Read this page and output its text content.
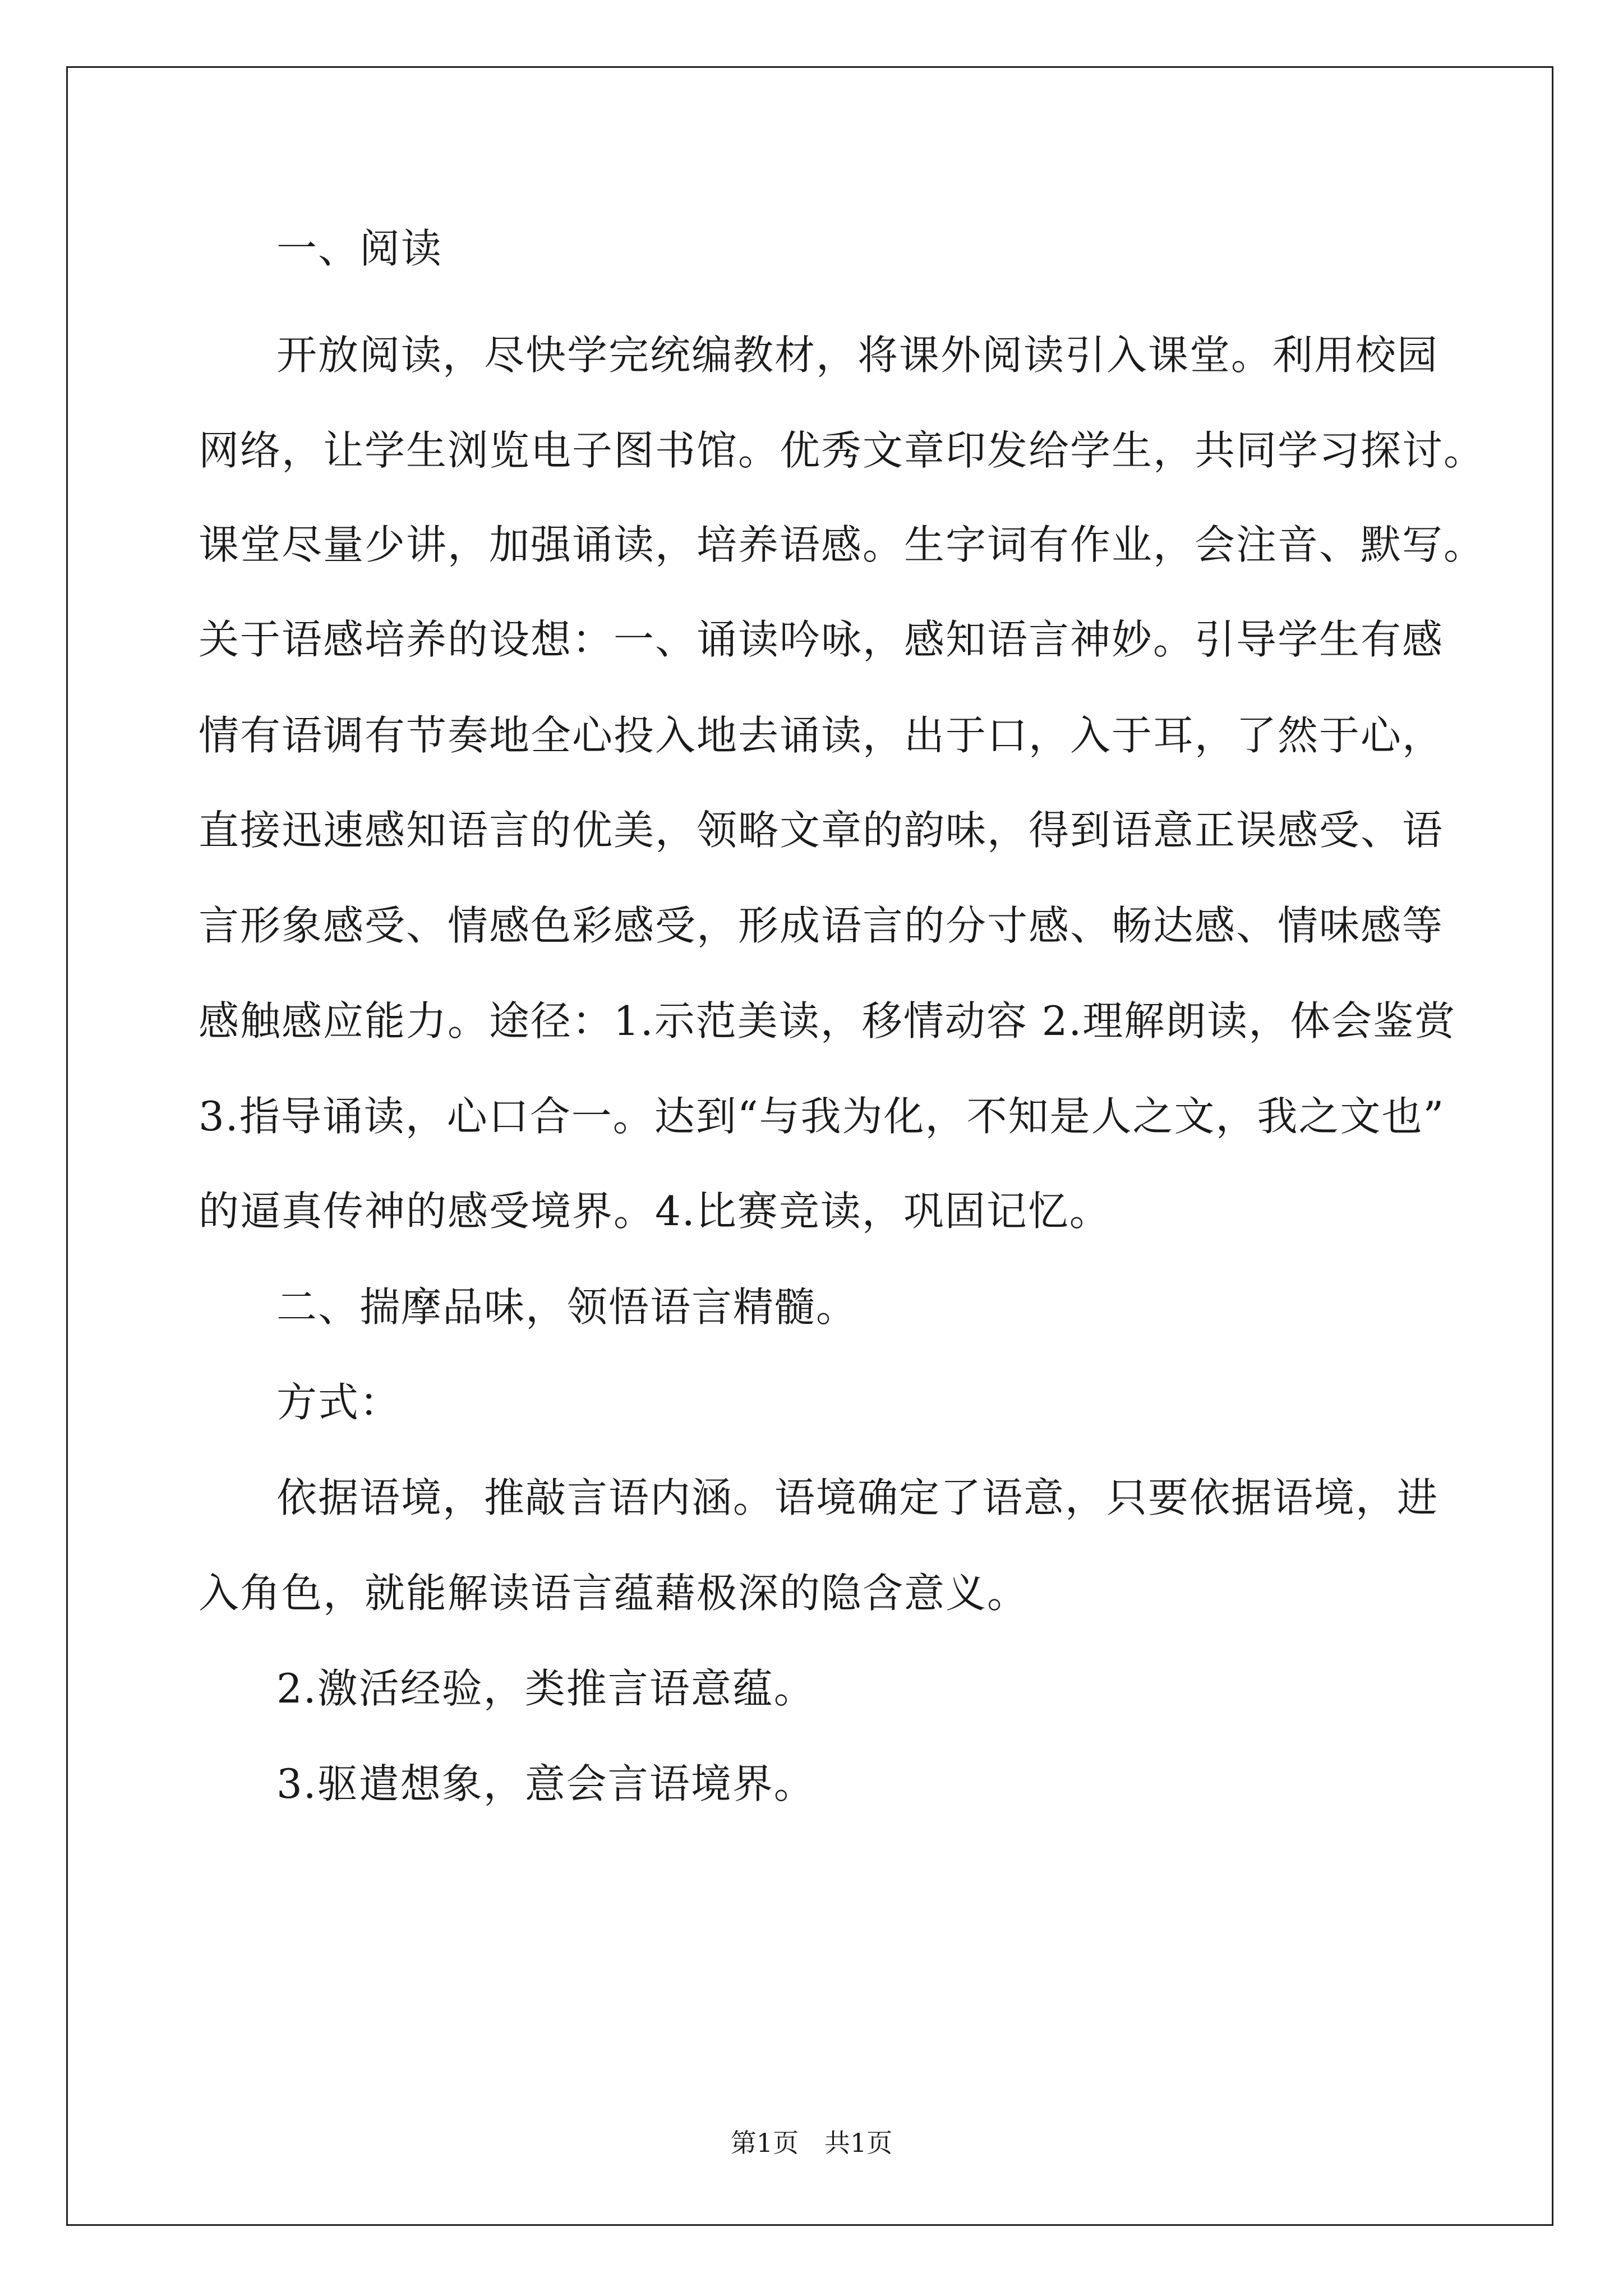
一、阅读
开放阅读，尽快学完统编教材，将课外阅读引入课堂。利用校园
网络，让学生浏览电子图书馆。优秀文章印发给学生，共同学习探讨。
课堂尽量少讲，加强诵读，培养语感。生字词有作业，会注音、默写。
关于语感培养的设想：一、诵读吟咏，感知语言神妙。引导学生有感
情有语调有节奏地全心投入地去诵读，出于口，入于耳，了然于心，
直接迅速感知语言的优美，领略文章的韵味，得到语意正误感受、语
言形象感受、情感色彩感受，形成语言的分寸感、畅达感、情味感等
感触感应能力。途径：1.示范美读，移情动容 2.理解朗读，体会鉴赏
3.指导诵读，心口合一。达到“与我为化，不知是人之文，我之文也”
的逼真传神的感受境界。4.比赛竞读，巩固记忆。
二、揣摩品味，领悟语言精髓。
方式：
依据语境，推敲言语内涵。语境确定了语意，只要依据语境，进
入角色，就能解读语言蕴藉极深的隐含意义。
2.激活经验，类推言语意蕴。
3.驱遣想象，意会言语境界。
第1页　共1页
